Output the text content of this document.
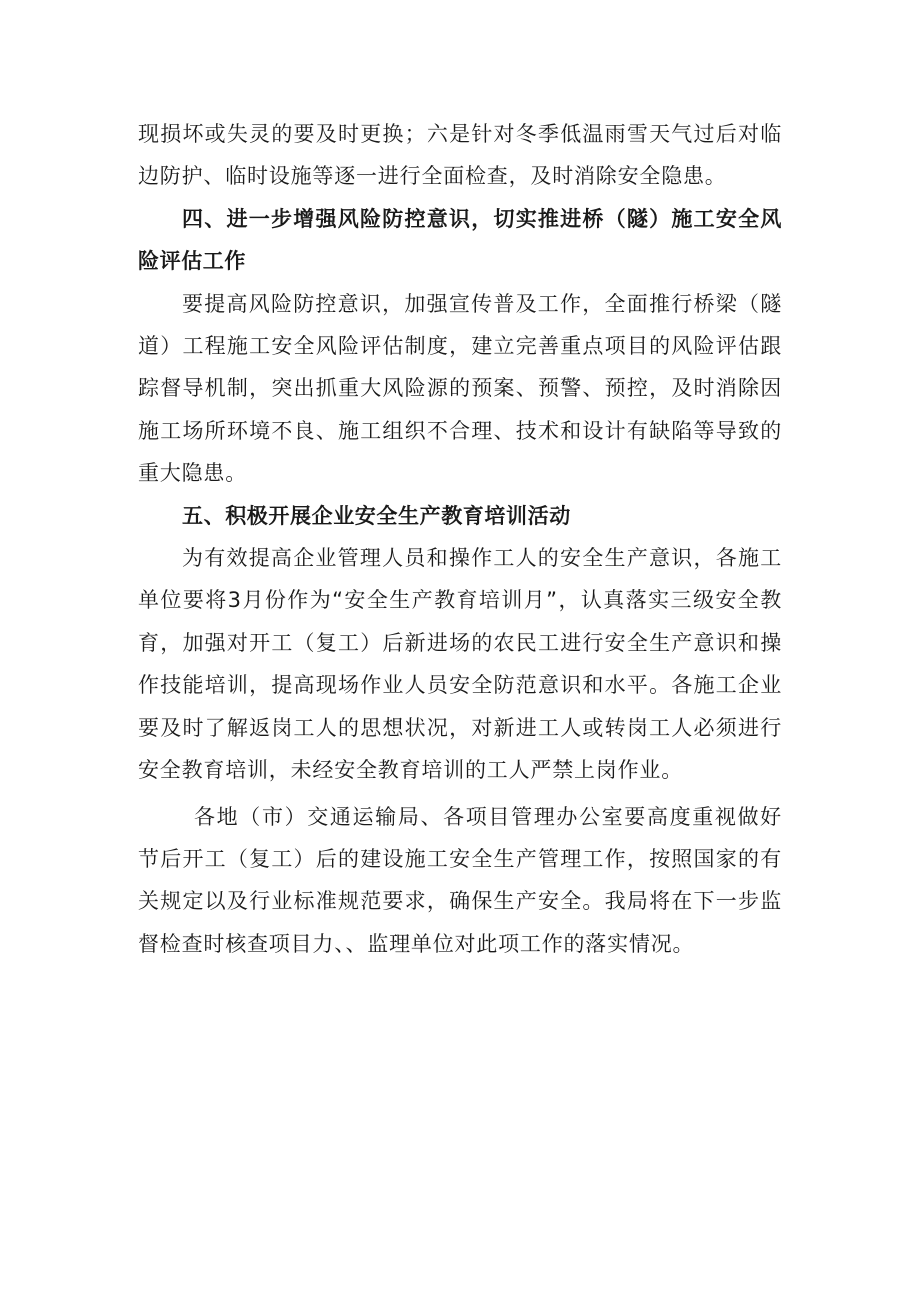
现损坏或失灵的要及时更换；六是针对冬季低温雨雪天气过后对临边防护、临时设施等逐一进行全面检查，及时消除安全隐患。

四、进一步增强风险防控意识，切实推进桥（隧）施工安全风险评估工作

要提高风险防控意识，加强宣传普及工作，全面推行桥梁（隧道）工程施工安全风险评估制度，建立完善重点项目的风险评估跟踪督导机制，突出抓重大风险源的预案、预警、预控，及时消除因施工场所环境不良、施工组织不合理、技术和设计有缺陷等导致的重大隐患。

五、积极开展企业安全生产教育培训活动

为有效提高企业管理人员和操作工人的安全生产意识，各施工单位要将3月份作为“安全生产教育培训月”，认真落实三级安全教育，加强对开工（复工）后新进场的农民工进行安全生产意识和操作技能培训，提高现场作业人员安全防范意识和水平。各施工企业要及时了解返岗工人的思想状况，对新进工人或转岗工人必须进行安全教育培训，未经安全教育培训的工人严禁上岗作业。

各地（市）交通运输局、各项目管理办公室要高度重视做好节后开工（复工）后的建设施工安全生产管理工作，按照国家的有关规定以及行业标准规范要求，确保生产安全。我局将在下一步监督检查时核查项目力、、监理单位对此项工作的落实情况。
